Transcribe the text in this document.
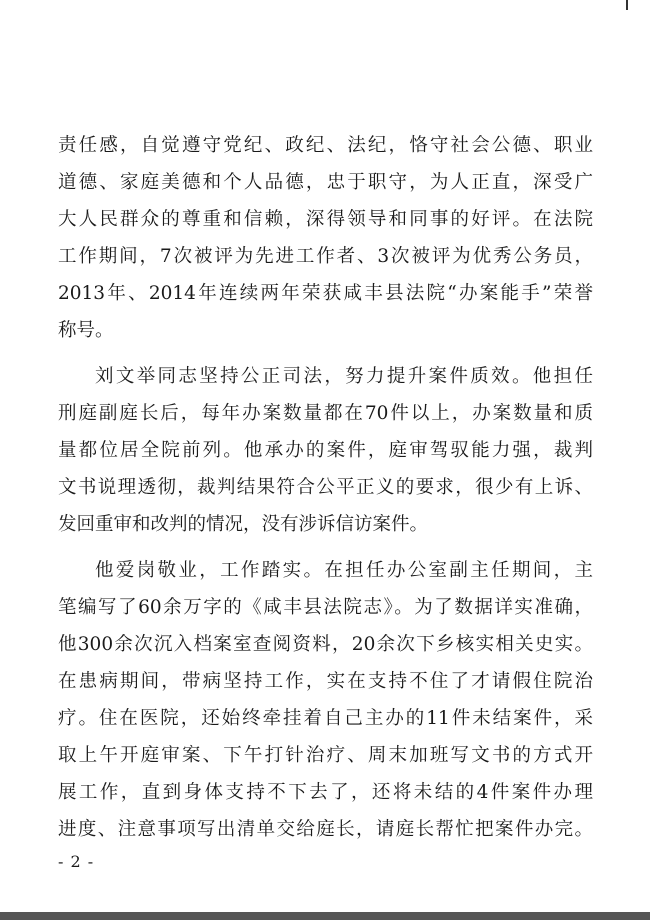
责任感，自觉遵守党纪、政纪、法纪，恪守社会公德、职业
道德、家庭美德和个人品德，忠于职守，为人正直，深受广
大人民群众的尊重和信赖，深得领导和同事的好评。在法院
工作期间，7次被评为先进工作者、3次被评为优秀公务员，
2013年、2014年连续两年荣获咸丰县法院“办案能手”荣誉
称号。
刘文举同志坚持公正司法，努力提升案件质效。他担任
刑庭副庭长后，每年办案数量都在70件以上，办案数量和质
量都位居全院前列。他承办的案件，庭审驾驭能力强，裁判
文书说理透彻，裁判结果符合公平正义的要求，很少有上诉、
发回重审和改判的情况，没有涉诉信访案件。
他爱岗敬业，工作踏实。在担任办公室副主任期间，主
笔编写了60余万字的《咸丰县法院志》。为了数据详实准确，
他300余次沉入档案室查阅资料，20余次下乡核实相关史实。
在患病期间，带病坚持工作，实在支持不住了才请假住院治
疗。住在医院，还始终牵挂着自己主办的11件未结案件，采
取上午开庭审案、下午打针治疗、周末加班写文书的方式开
展工作，直到身体支持不下去了，还将未结的4件案件办理
进度、注意事项写出清单交给庭长，请庭长帮忙把案件办完。
- 2 -
